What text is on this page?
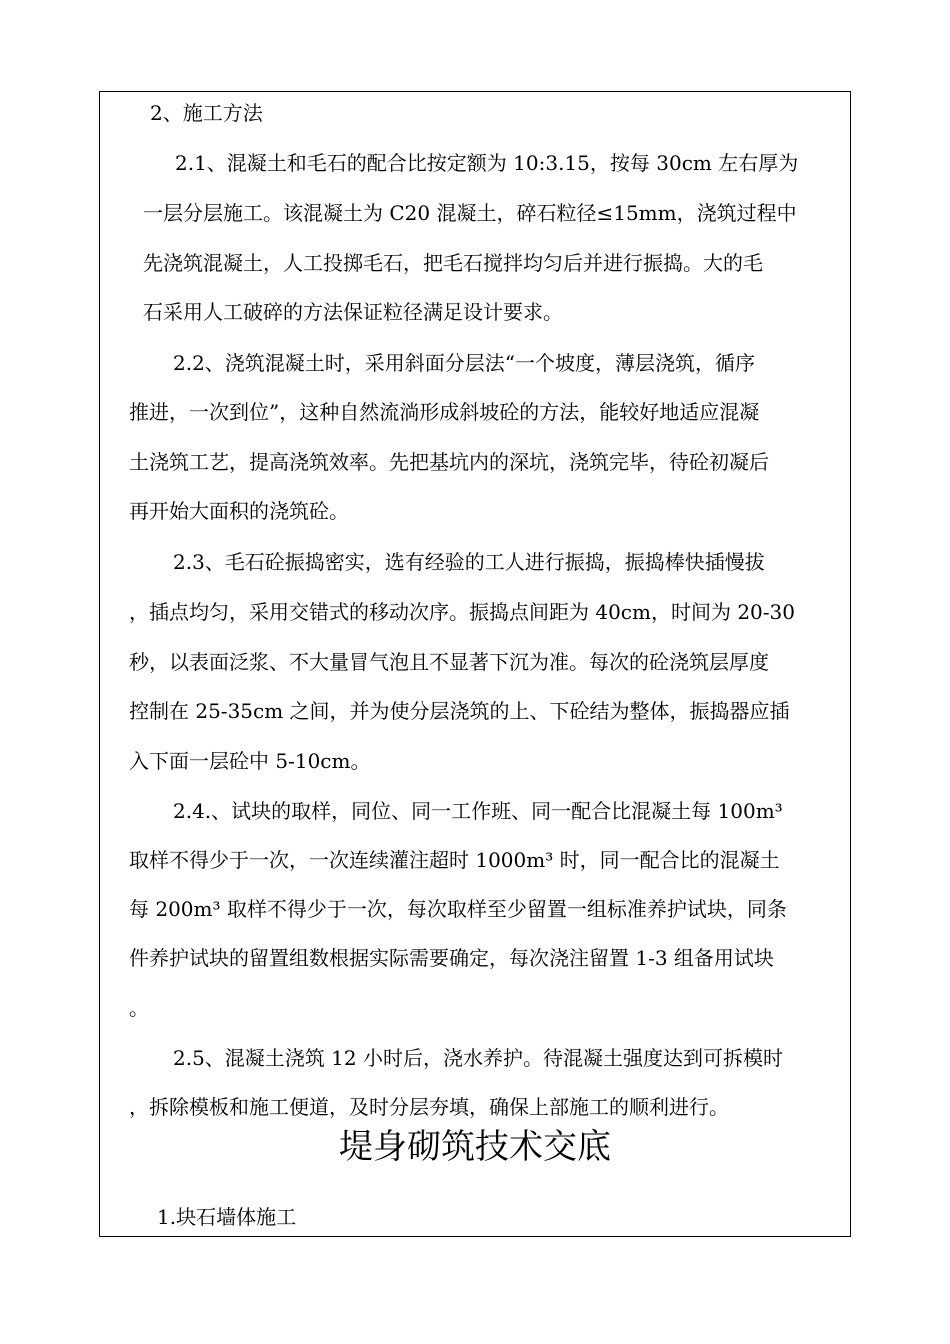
2、施工方法
2.1、混凝土和毛石的配合比按定额为 10:3.15，按每 30cm 左右厚为
一层分层施工。该混凝土为 C20 混凝土，碎石粒径≤15mm，浇筑过程中
先浇筑混凝土，人工投掷毛石，把毛石搅拌均匀后并进行振捣。大的毛
石采用人工破碎的方法保证粒径满足设计要求。
2.2、浇筑混凝土时，采用斜面分层法“一个坡度，薄层浇筑，循序
推进，一次到位”，这种自然流淌形成斜坡砼的方法，能较好地适应混凝
土浇筑工艺，提高浇筑效率。先把基坑内的深坑，浇筑完毕，待砼初凝后
再开始大面积的浇筑砼。
2.3、毛石砼振捣密实，选有经验的工人进行振捣，振捣棒快插慢拔
，插点均匀，采用交错式的移动次序。振捣点间距为 40cm，时间为 20-30
秒，以表面泛浆、不大量冒气泡且不显著下沉为准。每次的砼浇筑层厚度
控制在 25-35cm 之间，并为使分层浇筑的上、下砼结为整体，振捣器应插
入下面一层砼中 5-10cm。
2.4.、试块的取样，同位、同一工作班、同一配合比混凝土每 100m³
取样不得少于一次，一次连续灌注超时 1000m³ 时，同一配合比的混凝土
每 200m³ 取样不得少于一次，每次取样至少留置一组标准养护试块，同条
件养护试块的留置组数根据实际需要确定，每次浇注留置 1-3 组备用试块
。
2.5、混凝土浇筑 12 小时后，浇水养护。待混凝土强度达到可拆模时
，拆除模板和施工便道，及时分层夯填，确保上部施工的顺利进行。
堤身砌筑技术交底
1.块石墙体施工
